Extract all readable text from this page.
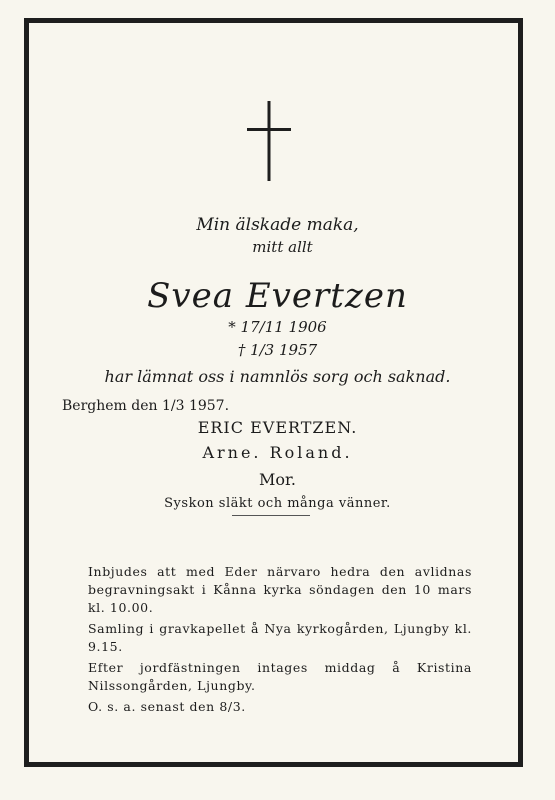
Min älskade maka,
mitt allt
Svea Evertzen
* 17/11 1906
† 1/3 1957
har lämnat oss i namnlös sorg och saknad.
Berghem den 1/3 1957.
ERIC EVERTZEN.
Arne. Roland.
Mor.
Syskon släkt och många vänner.

Inbjudes att med Eder närvaro hedra den avlidnas begravningsakt i Kånna kyrka söndagen den 10 mars kl. 10.00.

Samling i gravkapellet å Nya kyrkogården, Ljungby kl. 9.15.

Efter jordfästningen intages middag å Kristina Nilssongården, Ljungby.

O. s. a. senast den 8/3.
